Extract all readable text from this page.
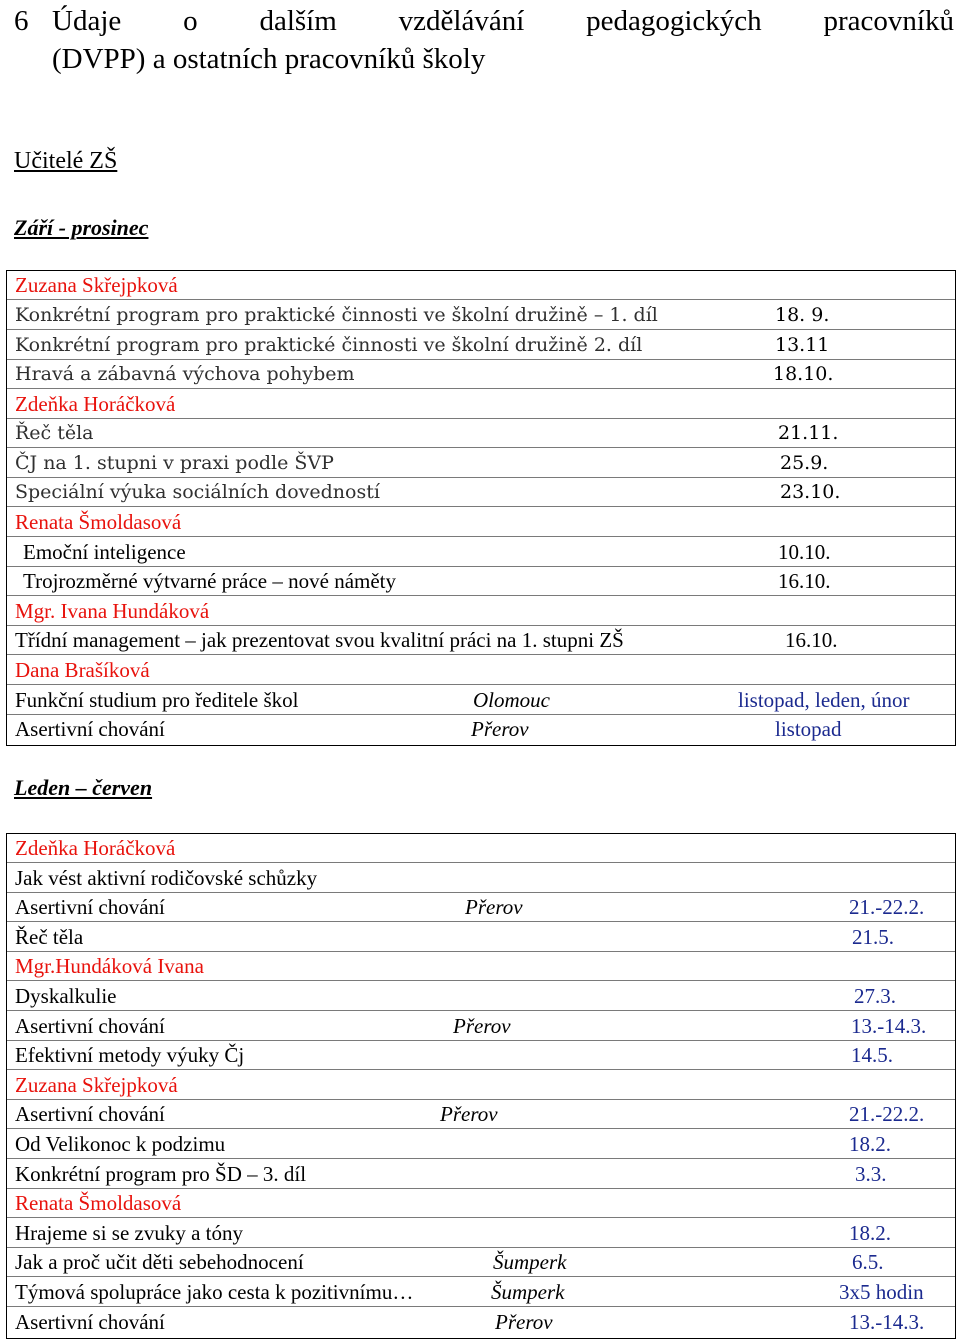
6 Údaje o dalším vzdělávání pedagogických pracovníků
(DVPP) a ostatních pracovníků školy
Učitelé ZŠ
Září - prosinec
Zuzana Skřejpková
Konkrétní program pro praktické činnosti ve školní družině – 1. díl	18. 9.
Konkrétní program pro praktické činnosti ve školní družině 2. díl	13.11
Hravá a zábavná výchova pohybem	18.10.
Zdeňka Horáčková
Řeč těla	21.11.
ČJ na 1. stupni v praxi podle ŠVP	25.9.
Speciální výuka sociálních dovedností	23.10.
Renata Šmoldasová
Emoční inteligence	10.10.
Trojrozměrné výtvarné práce – nové náměty	16.10.
Mgr. Ivana Hundáková
Třídní management – jak prezentovat svou kvalitní práci na 1. stupni ZŠ	16.10.
Dana Brašíková
Funkční studium pro ředitele škol	Olomouc	listopad, leden, únor
Asertivní chování	Přerov	listopad
Leden – červen
Zdeňka Horáčková
Jak vést aktivní rodičovské schůzky
Asertivní chování	Přerov	21.-22.2.
Řeč těla	21.5.
Mgr.Hundáková Ivana
Dyskalkulie	27.3.
Asertivní chování	Přerov	13.-14.3.
Efektivní metody výuky Čj	14.5.
Zuzana Skřejpková
Asertivní chování	Přerov	21.-22.2.
Od Velikonoc k podzimu	18.2.
Konkrétní program pro ŠD – 3. díl	3.3.
Renata Šmoldasová
Hrajeme si se zvuky a tóny	18.2.
Jak a proč učit děti sebehodnocení	Šumperk	6.5.
Týmová spolupráce jako cesta k pozitivnímu…	Šumperk	3x5 hodin
Asertivní chování	Přerov	13.-14.3.
